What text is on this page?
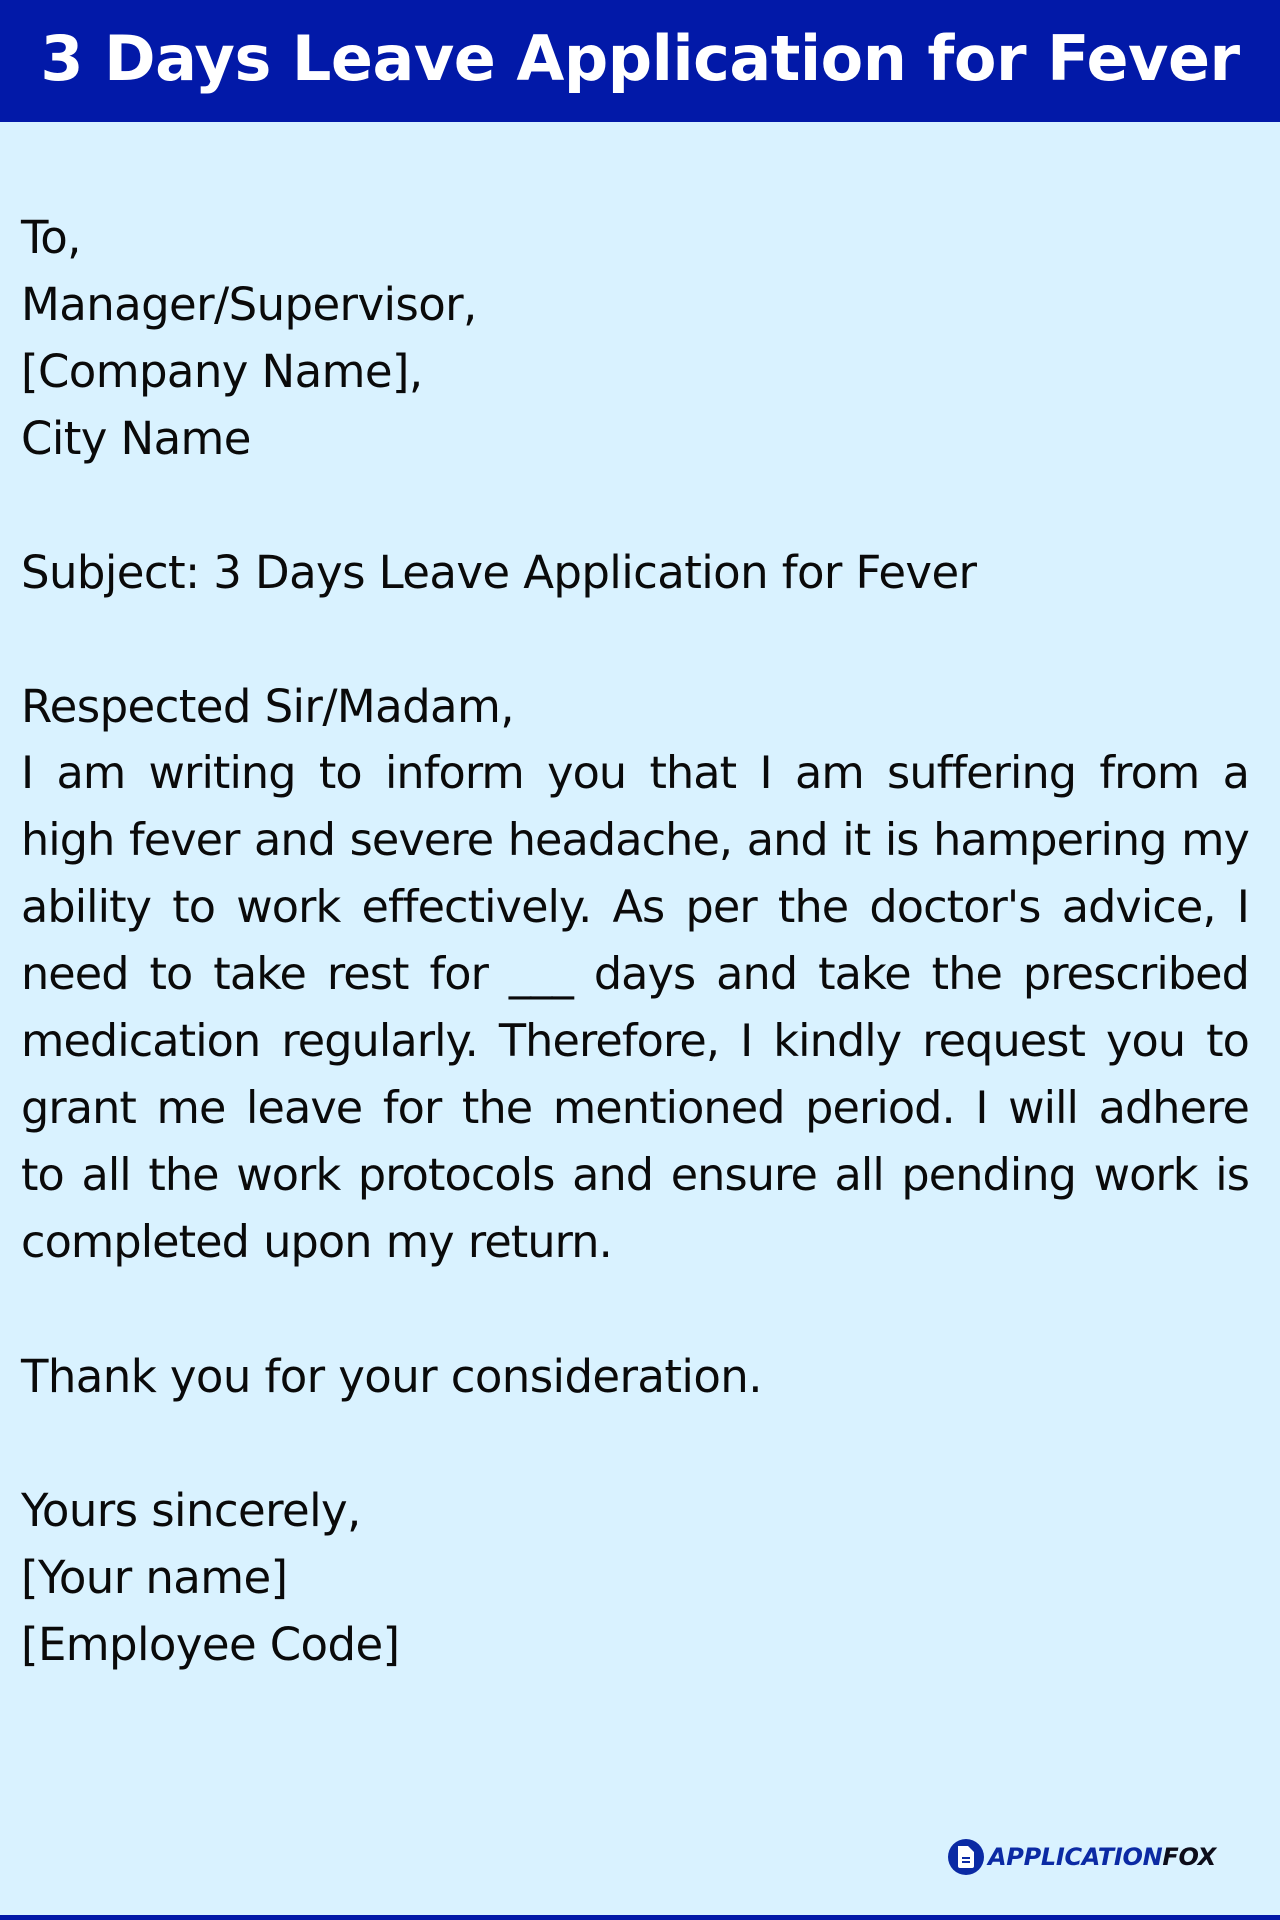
3 Days Leave Application for Fever
To,
Manager/Supervisor,
[Company Name],
City Name
Subject: 3 Days Leave Application for Fever
Respected Sir/Madam,
I am writing to inform you that I am suffering from a high fever and severe headache, and it is hampering my ability to work effectively. As per the doctor's advice, I need to take rest for ___ days and take the prescribed medication regularly. Therefore, I kindly request you to grant me leave for the mentioned period. I will adhere to all the work protocols and ensure all pending work is completed upon my return.
Thank you for your consideration.
Yours sincerely,
[Your name]
[Employee Code]
APPLICATIONFOX
